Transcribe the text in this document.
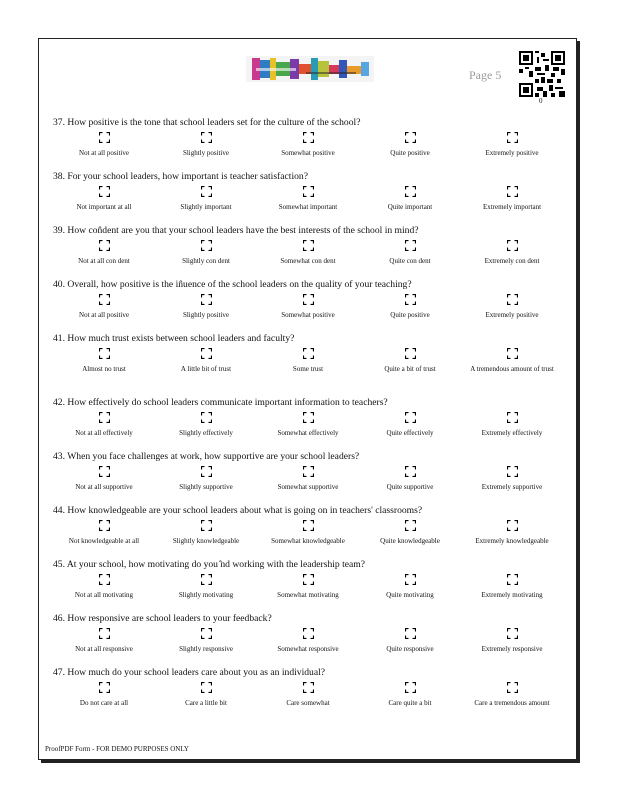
Page 5
0
37. How positive is the tone that school leaders set for the culture of the school?
Not at all positive	Slightly positive	Somewhat positive	Quite positive	Extremely positive
38. For your school leaders, how important is teacher satisfaction?
Not important at all	Slightly important	Somewhat important	Quite important	Extremely important
39. How con̂dent are you that your school leaders have the best interests of the school in mind?
Not at all con dent	Slightly con dent	Somewhat con dent	Quite con dent	Extremely con dent
40. Overall, how positive is the in̂uence of the school leaders on the quality of your teaching?
Not at all positive	Slightly positive	Somewhat positive	Quite positive	Extremely positive
41. How much trust exists between school leaders and faculty?
Almost no trust	A little bit of trust	Some trust	Quite a bit of trust	A tremendous amount of trust
42. How effectively do school leaders communicate important information to teachers?
Not at all effectively	Slightly effectively	Somewhat effectively	Quite effectively	Extremely effectively
43. When you face challenges at work, how supportive are your school leaders?
Not at all supportive	Slightly supportive	Somewhat supportive	Quite supportive	Extremely supportive
44. How knowledgeable are your school leaders about what is going on in teachers' classrooms?
Not knowledgeable at all	Slightly knowledgeable	Somewhat knowledgeable	Quite knowledgeable	Extremely knowledgeable
45. At your school, how motivating do you ̂nd working with the leadership team?
Not at all motivating	Slightly motivating	Somewhat motivating	Quite motivating	Extremely motivating
46. How responsive are school leaders to your feedback?
Not at all responsive	Slightly responsive	Somewhat responsive	Quite responsive	Extremely responsive
47. How much do your school leaders care about you as an individual?
Do not care at all	Care a little bit	Care somewhat	Care quite a bit	Care a tremendous amount
ProofPDF Form - FOR DEMO PURPOSES ONLY
